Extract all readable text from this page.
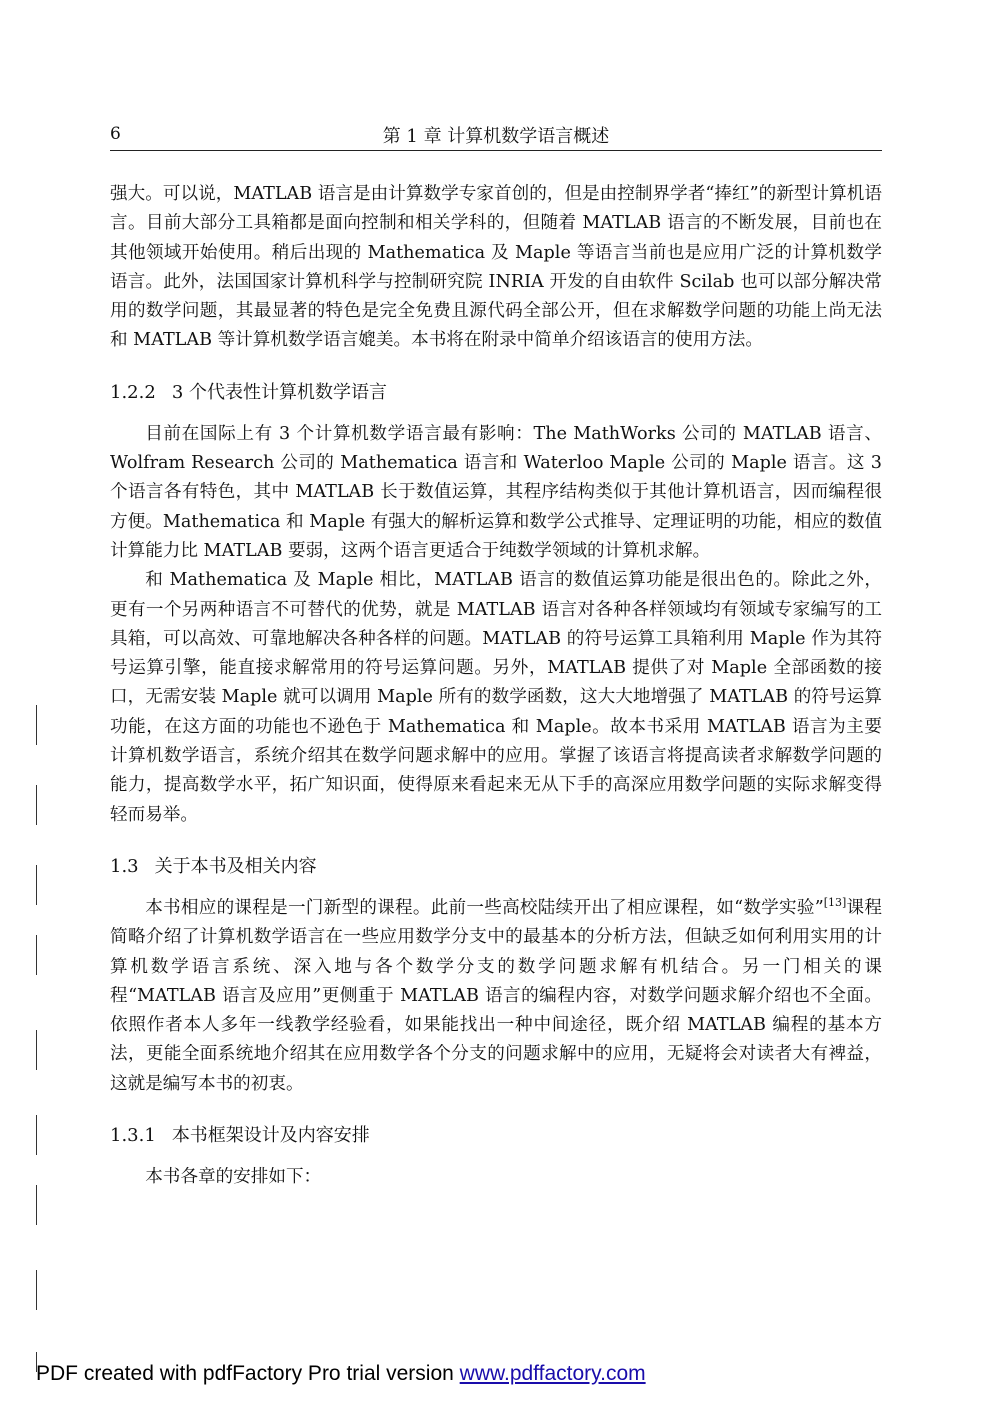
6	第 1 章 计算机数学语言概述

强大。可以说，MATLAB 语言是由计算数学专家首创的，但是由控制界学者“捧红”的新型计算机语言。目前大部分工具箱都是面向控制和相关学科的，但随着 MATLAB 语言的不断发展，目前也在其他领域开始使用。稍后出现的 Mathematica 及 Maple 等语言当前也是应用广泛的计算机数学语言。此外，法国国家计算机科学与控制研究院 INRIA 开发的自由软件 Scilab 也可以部分解决常用的数学问题，其最显著的特色是完全免费且源代码全部公开，但在求解数学问题的功能上尚无法和 MATLAB 等计算机数学语言媲美。本书将在附录中简单介绍该语言的使用方法。

1.2.2 3 个代表性计算机数学语言

目前在国际上有 3 个计算机数学语言最有影响：The MathWorks 公司的 MATLAB 语言、Wolfram Research 公司的 Mathematica 语言和 Waterloo Maple 公司的 Maple 语言。这 3 个语言各有特色，其中 MATLAB 长于数值运算，其程序结构类似于其他计算机语言，因而编程很方便。Mathematica 和 Maple 有强大的解析运算和数学公式推导、定理证明的功能，相应的数值计算能力比 MATLAB 要弱，这两个语言更适合于纯数学领域的计算机求解。

和 Mathematica 及 Maple 相比，MATLAB 语言的数值运算功能是很出色的。除此之外，更有一个另两种语言不可替代的优势，就是 MATLAB 语言对各种各样领域均有领域专家编写的工具箱，可以高效、可靠地解决各种各样的问题。MATLAB 的符号运算工具箱利用 Maple 作为其符号运算引擎，能直接求解常用的符号运算问题。另外，MATLAB 提供了对 Maple 全部函数的接口，无需安装 Maple 就可以调用 Maple 所有的数学函数，这大大地增强了 MATLAB 的符号运算功能，在这方面的功能也不逊色于 Mathematica 和 Maple。故本书采用 MATLAB 语言为主要计算机数学语言，系统介绍其在数学问题求解中的应用。掌握了该语言将提高读者求解数学问题的能力，提高数学水平，拓广知识面，使得原来看起来无从下手的高深应用数学问题的实际求解变得轻而易举。

1.3 关于本书及相关内容

本书相应的课程是一门新型的课程。此前一些高校陆续开出了相应课程，如“数学实验”[13]课程简略介绍了计算机数学语言在一些应用数学分支中的最基本的分析方法，但缺乏如何利用实用的计算机数学语言系统、深入地与各个数学分支的数学问题求解有机结合。另一门相关的课程“MATLAB 语言及应用”更侧重于 MATLAB 语言的编程内容，对数学问题求解介绍也不全面。依照作者本人多年一线教学经验看，如果能找出一种中间途径，既介绍 MATLAB 编程的基本方法，更能全面系统地介绍其在应用数学各个分支的问题求解中的应用，无疑将会对读者大有裨益，这就是编写本书的初衷。

1.3.1 本书框架设计及内容安排

本书各章的安排如下：

PDF created with pdfFactory Pro trial version www.pdffactory.com
